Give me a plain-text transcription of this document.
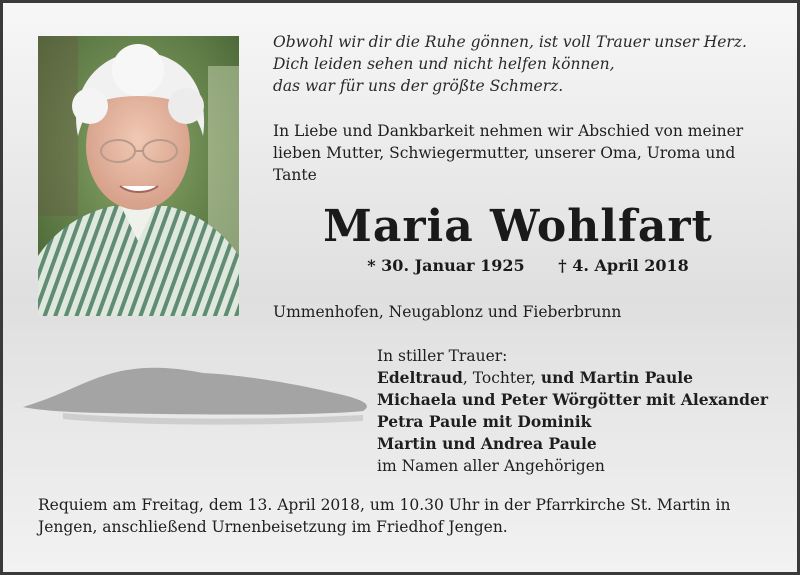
Obwohl wir dir die Ruhe gönnen, ist voll Trauer unser Herz.
Dich leiden sehen und nicht helfen können,
das war für uns der größte Schmerz.
In Liebe und Dankbarkeit nehmen wir Abschied von meiner
lieben Mutter, Schwiegermutter, unserer Oma, Uroma und
Tante
Maria Wohlfart
* 30. Januar 1925 † 4. April 2018
Ummenhofen, Neugablonz und Fieberbrunn
In stiller Trauer:
Edeltraud, Tochter, und Martin Paule
Michaela und Peter Wörgötter mit Alexander
Petra Paule mit Dominik
Martin und Andrea Paule
im Namen aller Angehörigen
Requiem am Freitag, dem 13. April 2018, um 10.30 Uhr in der Pfarrkirche St. Martin in
Jengen, anschließend Urnenbeisetzung im Friedhof Jengen.
